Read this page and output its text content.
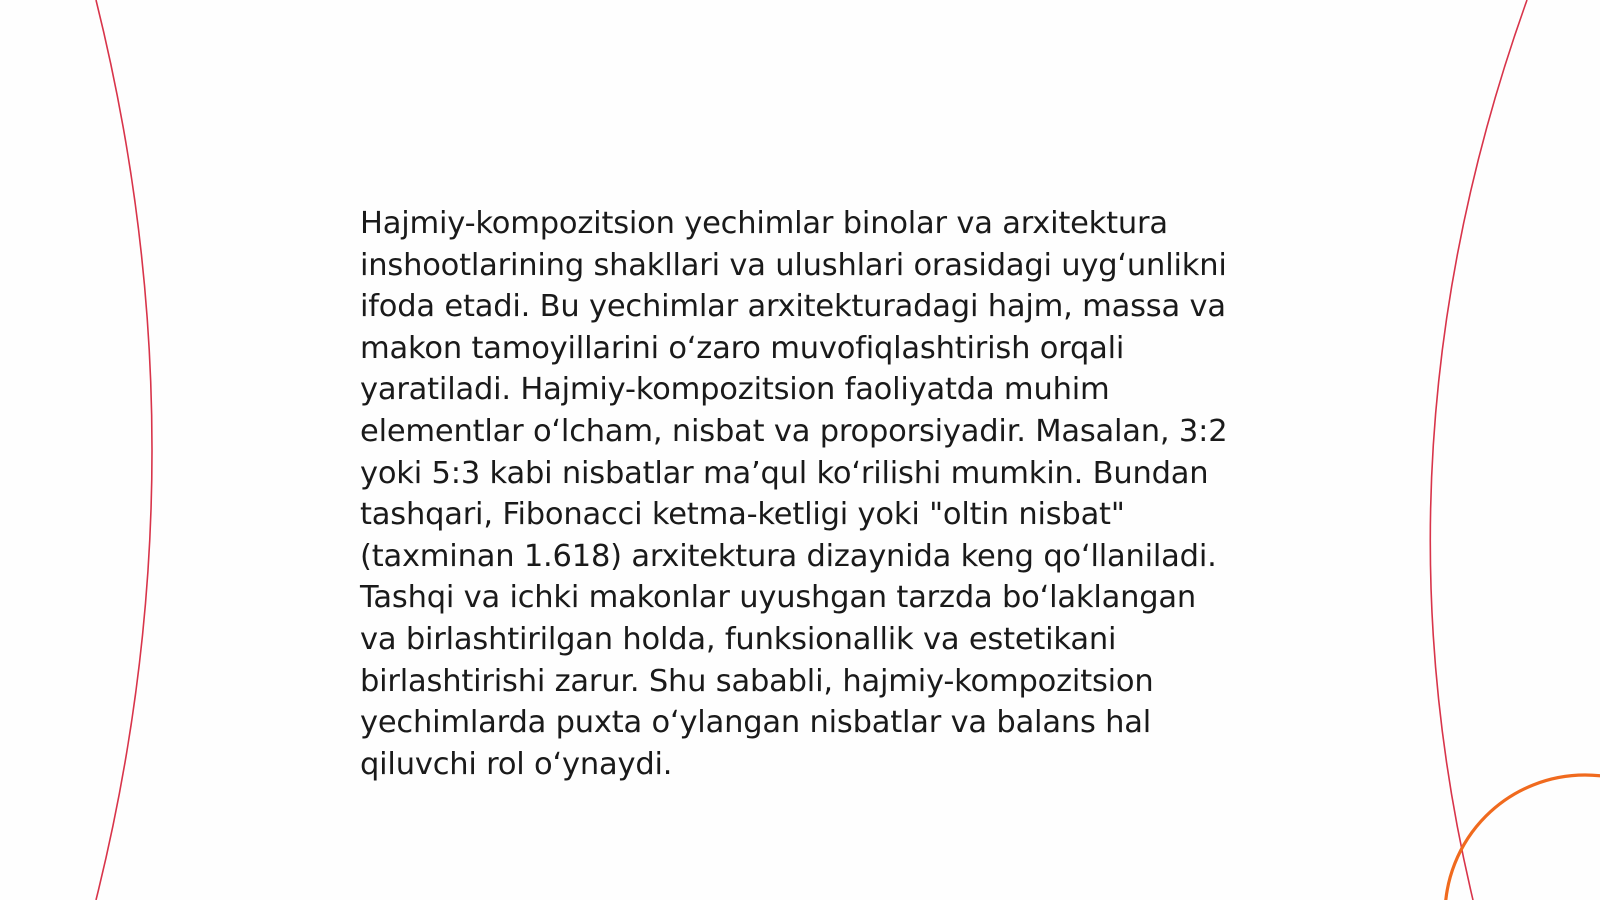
Hajmiy-kompozitsion yechimlar binolar va arxitektura inshootlarining shakllari va ulushlari orasidagi uyg‘unlikni ifoda etadi. Bu yechimlar arxitekturadagi hajm, massa va makon tamoyillarini o‘zaro muvofiqlashtirish orqali yaratiladi. Hajmiy-kompozitsion faoliyatda muhim elementlar o‘lcham, nisbat va proporsiyadir. Masalan, 3:2 yoki 5:3 kabi nisbatlar ma’qul ko‘rilishi mumkin. Bundan tashqari, Fibonacci ketma-ketligi yoki "oltin nisbat" (taxminan 1.618) arxitektura dizaynida keng qo‘llaniladi. Tashqi va ichki makonlar uyushgan tarzda bo‘laklangan va birlashtirilgan holda, funksionallik va estetikani birlashtirishi zarur. Shu sababli, hajmiy-kompozitsion yechimlarda puxta o‘ylangan nisbatlar va balans hal qiluvchi rol o‘ynaydi.
